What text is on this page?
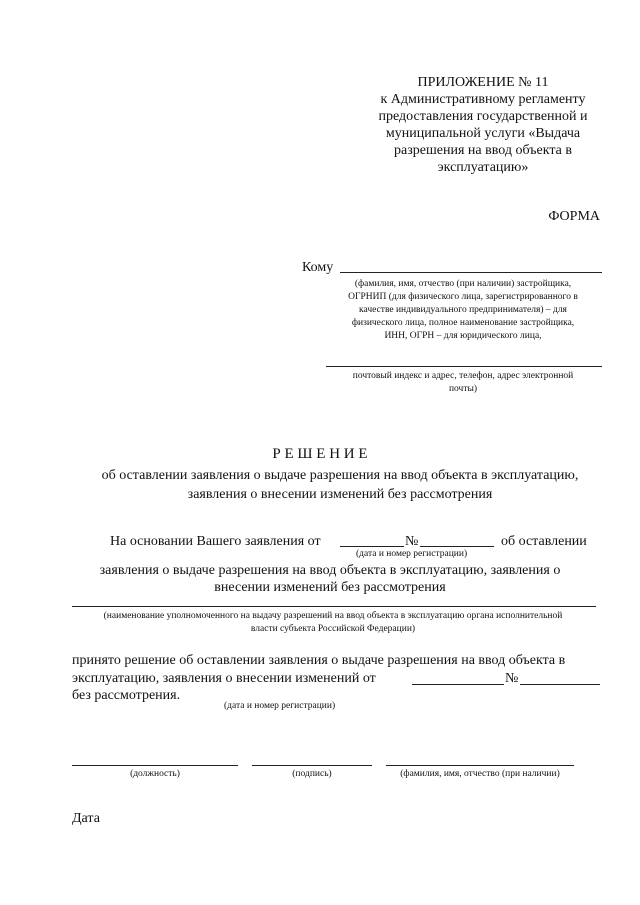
ПРИЛОЖЕНИЕ № 11
к Административному регламенту
предоставления государственной и
муниципальной услуги «Выдача
разрешения на ввод объекта в
эксплуатацию»
ФОРМА
Кому
(фамилия, имя, отчество (при наличии) застройщика,
ОГРНИП (для физического лица, зарегистрированного в
качестве индивидуального предпринимателя) – для
физического лица, полное наименование застройщика,
ИНН, ОГРН – для юридического лица,
почтовый индекс и адрес, телефон, адрес электронной
почты)
Р Е Ш Е Н И Е
об оставлении заявления о выдаче разрешения на ввод объекта в эксплуатацию,
заявления о внесении изменений без рассмотрения
На основании Вашего заявления от	№	об оставлении
(дата и номер регистрации)
заявления о выдаче разрешения на ввод объекта в эксплуатацию, заявления о
внесении изменений без рассмотрения
(наименование уполномоченного на выдачу разрешений на ввод объекта в эксплуатацию органа исполнительной
власти субъекта Российской Федерации)
принято решение об оставлении заявления о выдаче разрешения на ввод объекта в
эксплуатацию, заявления о внесении изменений от	№
без рассмотрения.
(дата и номер регистрации)
(должность)	(подпись)	(фамилия, имя, отчество (при наличии)
Дата
